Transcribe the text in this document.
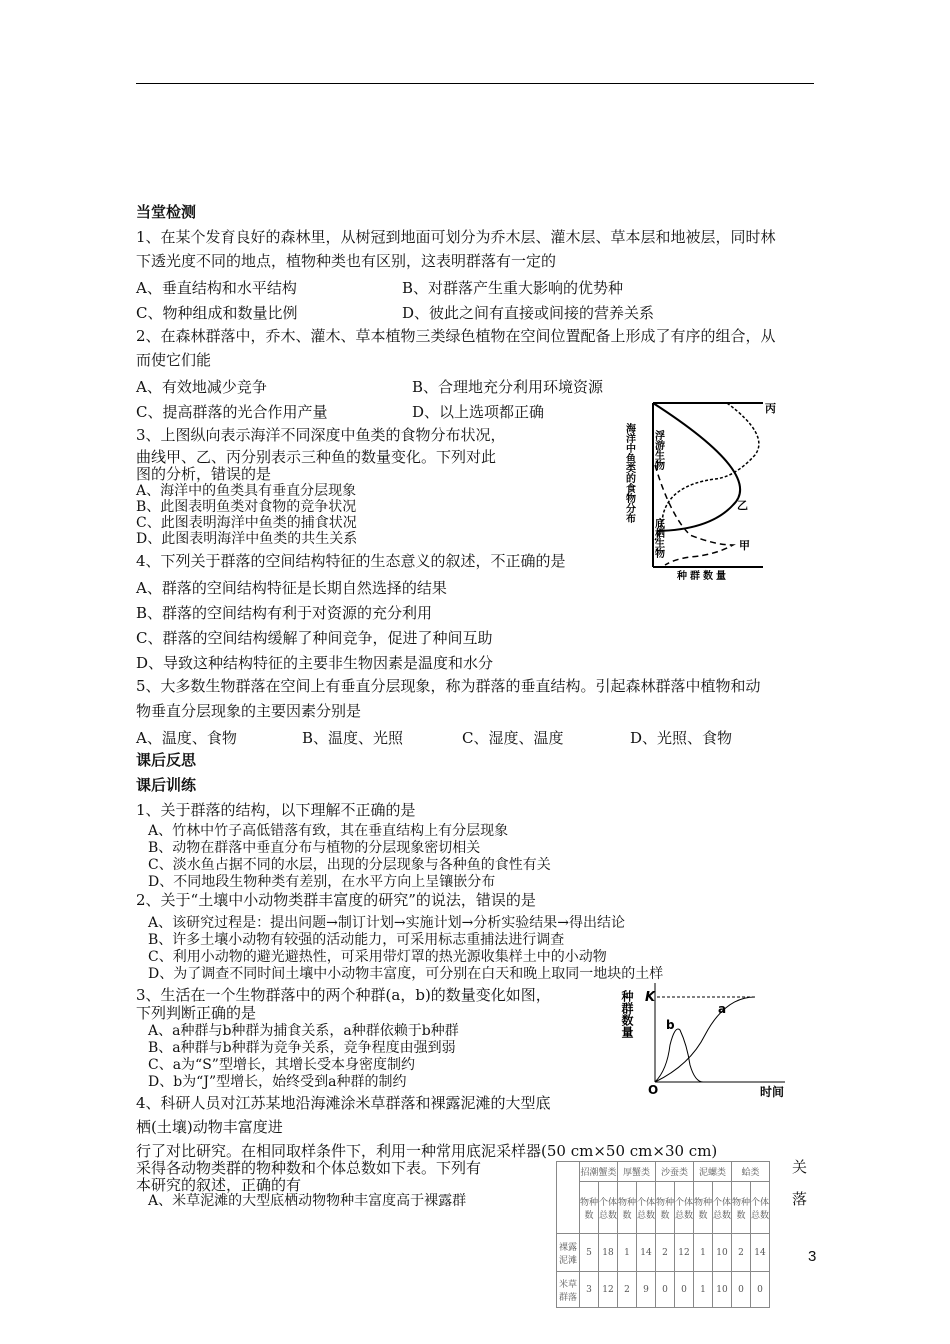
当堂检测
1、在某个发育良好的森林里，从树冠到地面可划分为乔木层、灌木层、草本层和地被层，同时林
下透光度不同的地点，植物种类也有区别，这表明群落有一定的
A、垂直结构和水平结构	B、对群落产生重大影响的优势种
C、物种组成和数量比例	D、彼此之间有直接或间接的营养关系
2、在森林群落中，乔木、灌木、草本植物三类绿色植物在空间位置配备上形成了有序的组合，从
而使它们能
A、有效地减少竞争	B、合理地充分利用环境资源
C、提高群落的光合作用产量	D、以上选项都正确
3、上图纵向表示海洋不同深度中鱼类的食物分布状况，
曲线甲、乙、丙分别表示三种鱼的数量变化。下列对此
图的分析，错误的是
A、海洋中的鱼类具有垂直分层现象
B、此图表明鱼类对食物的竞争状况
C、此图表明海洋中鱼类的捕食状况
D、此图表明海洋中鱼类的共生关系
丙
乙
甲
海洋中鱼类的食物分布 浮游生物
底栖生物
种群数量
4、下列关于群落的空间结构特征的生态意义的叙述，不正确的是
A、群落的空间结构特征是长期自然选择的结果
B、群落的空间结构有利于对资源的充分利用
C、群落的空间结构缓解了种间竞争，促进了种间互助
D、导致这种结构特征的主要非生物因素是温度和水分
5、大多数生物群落在空间上有垂直分层现象，称为群落的垂直结构。引起森林群落中植物和动
物垂直分层现象的主要因素分别是
A、温度、食物	B、温度、光照	C、湿度、温度	D、光照、食物
课后反思
课后训练
1、关于群落的结构，以下理解不正确的是
A、竹林中竹子高低错落有致，其在垂直结构上有分层现象
B、动物在群落中垂直分布与植物的分层现象密切相关
C、淡水鱼占据不同的水层，出现的分层现象与各种鱼的食性有关
D、不同地段生物种类有差别，在水平方向上呈镶嵌分布
2、关于“土壤中小动物类群丰富度的研究”的说法，错误的是
A、该研究过程是：提出问题→制订计划→实施计划→分析实验结果→得出结论
B、许多土壤小动物有较强的活动能力，可采用标志重捕法进行调查
C、利用小动物的避光避热性，可采用带灯罩的热光源收集样土中的小动物
D、为了调查不同时间土壤中小动物丰富度，可分别在白天和晚上取同一地块的土样
3、生活在一个生物群落中的两个种群(a，b)的数量变化如图，
下列判断正确的是
A、a种群与b种群为捕食关系，a种群依赖于b种群
B、a种群与b种群为竞争关系，竞争程度由强到弱
C、a为“S”型增长，其增长受本身密度制约
D、b为“J”型增长，始终受到a种群的制约
K
O	时间
种群数量	a
b
4、科研人员对江苏某地沿海滩涂米草群落和裸露泥滩的大型底
栖(土壤)动物丰富度进
行了对比研究。在相同取样条件下，利用一种常用底泥采样器(50 cm×50 cm×30 cm)
采得各动物类群的物种数和个体总数如下表。下列有
本研究的叙述，正确的有
A、米草泥滩的大型底栖动物物种丰富度高于裸露群
关
落
	招潮蟹类		厚蟹类		沙蚕类		泥螺类		蛤类	
	物种数	个体总数	物种数	个体总数	物种数	个体总数	物种数	个体总数	物种数	个体总数
裸露泥滩	5	18	1	14	2	12	1	10	2	14
米草群落	3	12	2	9	0	0	1	10	0	0
3
